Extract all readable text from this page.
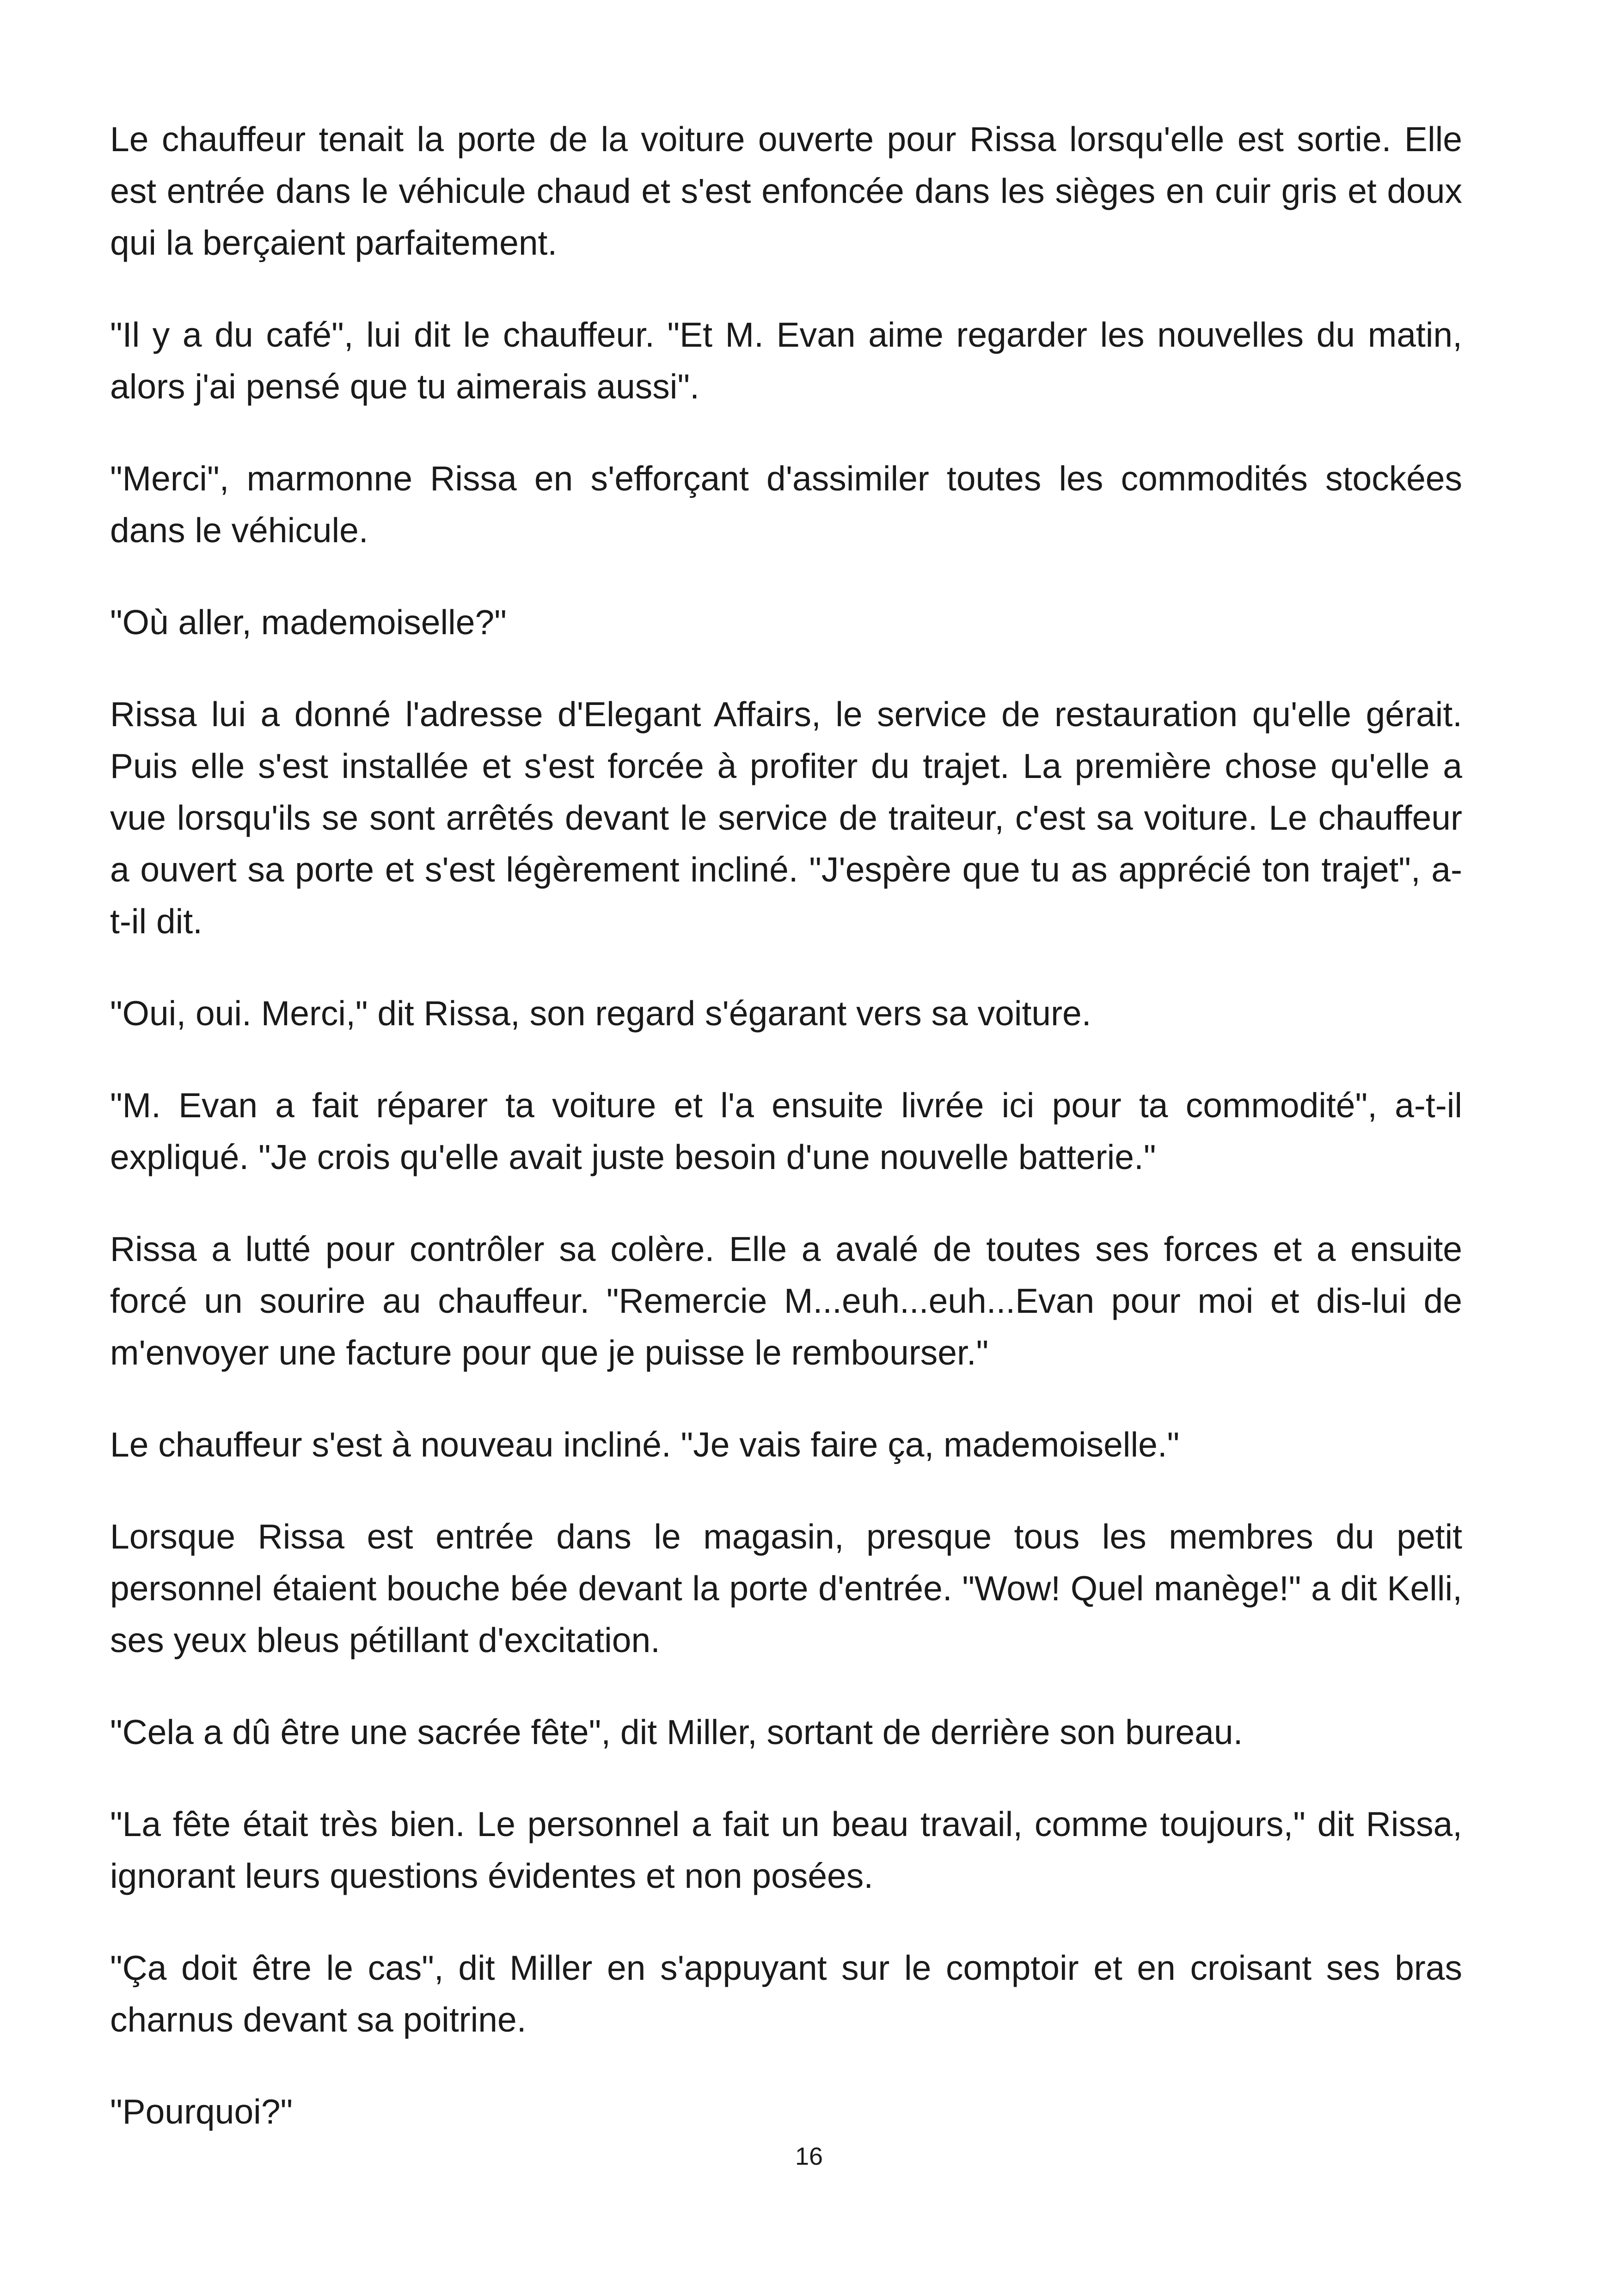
Le chauffeur tenait la porte de la voiture ouverte pour Rissa lorsqu'elle est sortie. Elle est entrée dans le véhicule chaud et s'est enfoncée dans les sièges en cuir gris et doux qui la berçaient parfaitement.

"Il y a du café", lui dit le chauffeur. "Et M. Evan aime regarder les nouvelles du matin, alors j'ai pensé que tu aimerais aussi".

"Merci", marmonne Rissa en s'efforçant d'assimiler toutes les commodités stockées dans le véhicule.

"Où aller, mademoiselle?"

Rissa lui a donné l'adresse d'Elegant Affairs, le service de restauration qu'elle gérait. Puis elle s'est installée et s'est forcée à profiter du trajet. La première chose qu'elle a vue lorsqu'ils se sont arrêtés devant le service de traiteur, c'est sa voiture. Le chauffeur a ouvert sa porte et s'est légèrement incliné. "J'espère que tu as apprécié ton trajet", a-t-il dit.

"Oui, oui. Merci," dit Rissa, son regard s'égarant vers sa voiture.

"M. Evan a fait réparer ta voiture et l'a ensuite livrée ici pour ta commodité", a-t-il expliqué. "Je crois qu'elle avait juste besoin d'une nouvelle batterie."

Rissa a lutté pour contrôler sa colère. Elle a avalé de toutes ses forces et a ensuite forcé un sourire au chauffeur. "Remercie M...euh...euh...Evan pour moi et dis-lui de m'envoyer une facture pour que je puisse le rembourser."

Le chauffeur s'est à nouveau incliné. "Je vais faire ça, mademoiselle."

Lorsque Rissa est entrée dans le magasin, presque tous les membres du petit personnel étaient bouche bée devant la porte d'entrée. "Wow! Quel manège!" a dit Kelli, ses yeux bleus pétillant d'excitation.

"Cela a dû être une sacrée fête", dit Miller, sortant de derrière son bureau.

"La fête était très bien. Le personnel a fait un beau travail, comme toujours," dit Rissa, ignorant leurs questions évidentes et non posées.

"Ça doit être le cas", dit Miller en s'appuyant sur le comptoir et en croisant ses bras charnus devant sa poitrine.

"Pourquoi?"

16
